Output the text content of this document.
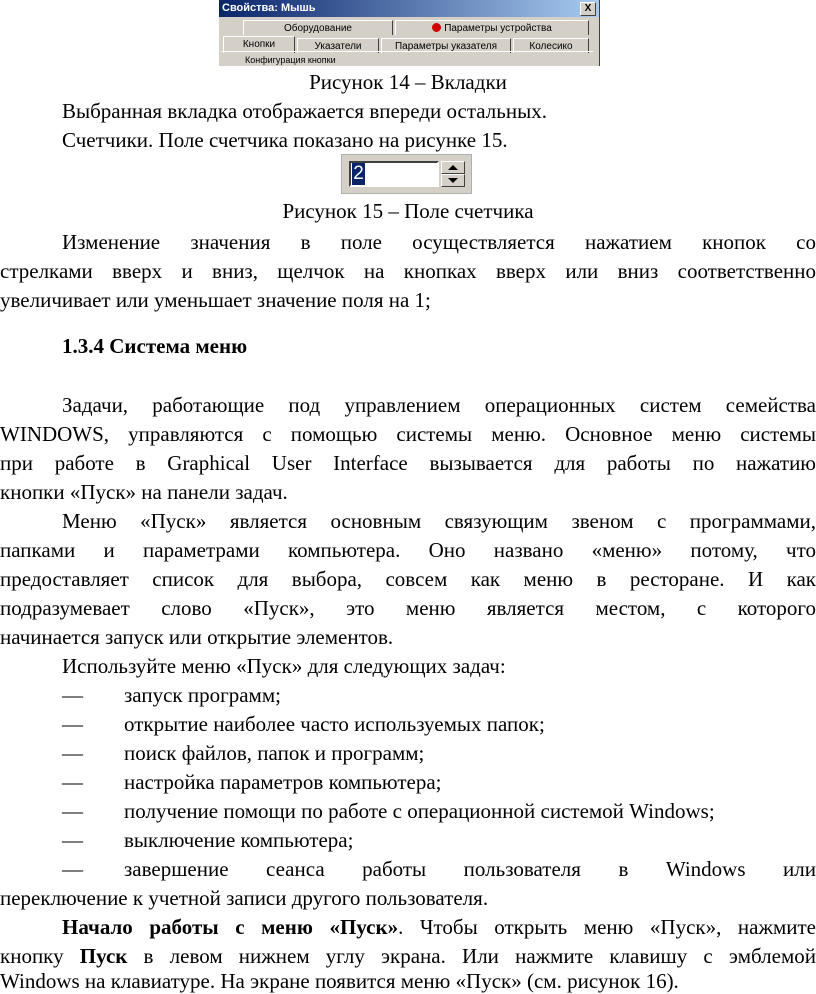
Свойства: Мышь	X
Оборудование	Параметры устройства
Кнопки	Указатели	Параметры указателя	Колесико
Конфигурация кнопки
Рисунок 14 – Вкладки
Выбранная вкладка отображается впереди остальных.
Счетчики. Поле счетчика показано на рисунке 15.
2
Рисунок 15 – Поле счетчика
Изменение значения в поле осуществляется нажатием кнопок со
стрелками вверх и вниз, щелчок на кнопках вверх или вниз соответственно
увеличивает или уменьшает значение поля на 1;
1.3.4 Система меню
Задачи, работающие под управлением операционных систем семейства
WINDOWS, управляются с помощью системы меню. Основное меню системы
при работе в Graphical User Interface вызывается для работы по нажатию
кнопки «Пуск» на панели задач.
Меню «Пуск» является основным связующим звеном с программами,
папками и параметрами компьютера. Оно названо «меню» потому, что
предоставляет список для выбора, совсем как меню в ресторане. И как
подразумевает слово «Пуск», это меню является местом, с которого
начинается запуск или открытие элементов.
Используйте меню «Пуск» для следующих задач:
— запуск программ;
— открытие наиболее часто используемых папок;
— поиск файлов, папок и программ;
— настройка параметров компьютера;
— получение помощи по работе с операционной системой Windows;
— выключение компьютера;
— завершение сеанса работы пользователя в Windows или
переключение к учетной записи другого пользователя.
Начало работы с меню «Пуск». Чтобы открыть меню «Пуск», нажмите
кнопку Пуск в левом нижнем углу экрана. Или нажмите клавишу с эмблемой
Windows на клавиатуре. На экране появится меню «Пуск» (см. рисунок 16).
